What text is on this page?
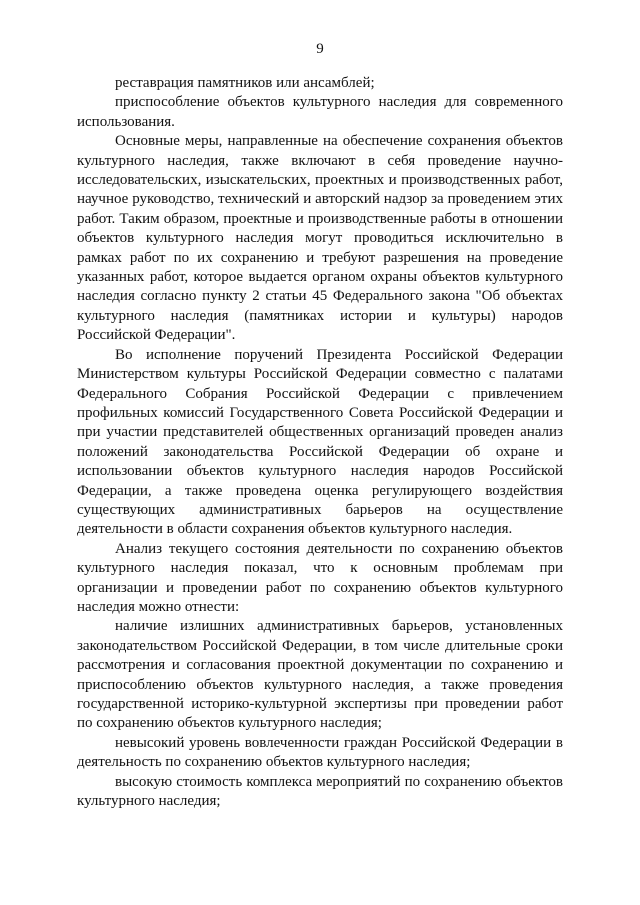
9

реставрация памятников или ансамблей;

приспособление объектов культурного наследия для современного использования.

Основные меры, направленные на обеспечение сохранения объектов культурного наследия, также включают в себя проведение научно-исследовательских, изыскательских, проектных и производственных работ, научное руководство, технический и авторский надзор за проведением этих работ. Таким образом, проектные и производственные работы в отношении объектов культурного наследия могут проводиться исключительно в рамках работ по их сохранению и требуют разрешения на проведение указанных работ, которое выдается органом охраны объектов культурного наследия согласно пункту 2 статьи 45 Федерального закона "Об объектах культурного наследия (памятниках истории и культуры) народов Российской Федерации".

Во исполнение поручений Президента Российской Федерации Министерством культуры Российской Федерации совместно с палатами Федерального Собрания Российской Федерации с привлечением профильных комиссий Государственного Совета Российской Федерации и при участии представителей общественных организаций проведен анализ положений законодательства Российской Федерации об охране и использовании объектов культурного наследия народов Российской Федерации, а также проведена оценка регулирующего воздействия существующих административных барьеров на осуществление деятельности в области сохранения объектов культурного наследия.

Анализ текущего состояния деятельности по сохранению объектов культурного наследия показал, что к основным проблемам при организации и проведении работ по сохранению объектов культурного наследия можно отнести:

наличие излишних административных барьеров, установленных законодательством Российской Федерации, в том числе длительные сроки рассмотрения и согласования проектной документации по сохранению и приспособлению объектов культурного наследия, а также проведения государственной историко-культурной экспертизы при проведении работ по сохранению объектов культурного наследия;

невысокий уровень вовлеченности граждан Российской Федерации в деятельность по сохранению объектов культурного наследия;

высокую стоимость комплекса мероприятий по сохранению объектов культурного наследия;
